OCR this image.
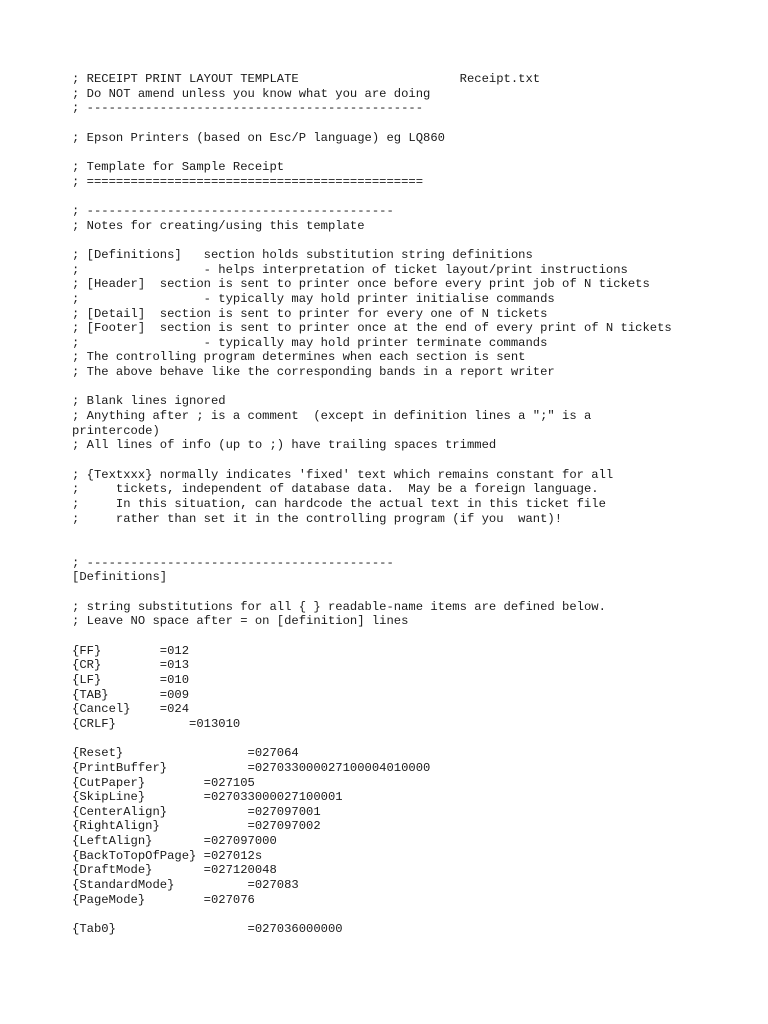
; RECEIPT PRINT LAYOUT TEMPLATE                      Receipt.txt
; Do NOT amend unless you know what you are doing
; ----------------------------------------------
; Epson Printers (based on Esc/P language) eg LQ860
; Template for Sample Receipt
; ==============================================
; ------------------------------------------
; Notes for creating/using this template
; [Definitions]   section holds substitution string definitions
;                 - helps interpretation of ticket layout/print instructions
; [Header]  section is sent to printer once before every print job of N tickets
;                 - typically may hold printer initialise commands
; [Detail]  section is sent to printer for every one of N tickets
; [Footer]  section is sent to printer once at the end of every print of N tickets
;                 - typically may hold printer terminate commands
; The controlling program determines when each section is sent
; The above behave like the corresponding bands in a report writer
; Blank lines ignored
; Anything after ; is a comment  (except in definition lines a ";" is a
printercode)
; All lines of info (up to ;) have trailing spaces trimmed
; {Textxxx} normally indicates 'fixed' text which remains constant for all
;     tickets, independent of database data.  May be a foreign language.
;     In this situation, can hardcode the actual text in this ticket file
;     rather than set it in the controlling program (if you  want)!
; ------------------------------------------
[Definitions]
; string substitutions for all { } readable-name items are defined below.
; Leave NO space after = on [definition] lines
{FF}        =012
{CR}        =013
{LF}        =010
{TAB}       =009
{Cancel}    =024
{CRLF}          =013010
{Reset}                 =027064
{PrintBuffer}           =027033000027100004010000
{CutPaper}        =027105
{SkipLine}        =027033000027100001
{CenterAlign}           =027097001
{RightAlign}            =027097002
{LeftAlign}       =027097000
{BackToTopOfPage} =027012s
{DraftMode}       =027120048
{StandardMode}          =027083
{PageMode}        =027076
{Tab0}                  =027036000000
